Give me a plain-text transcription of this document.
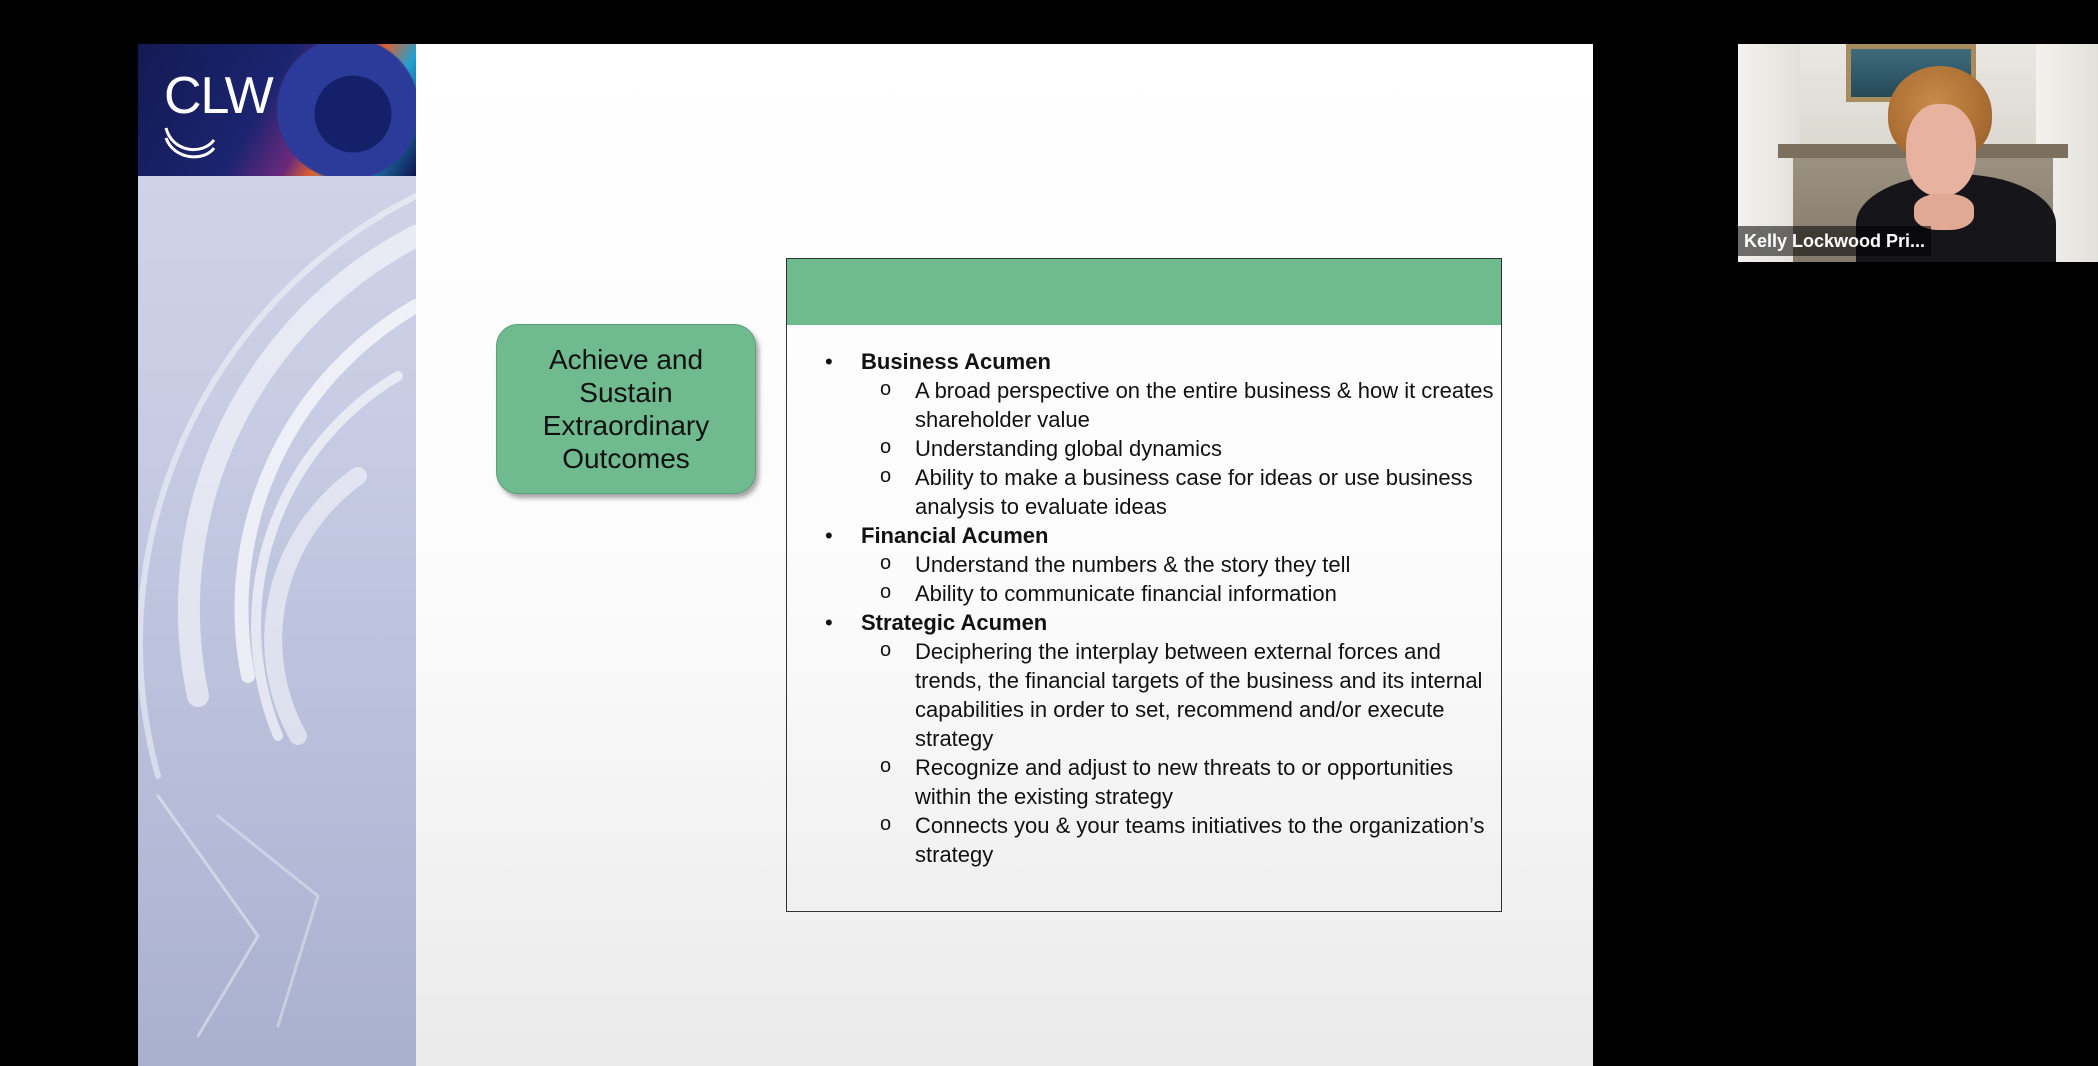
CLW
Achieve and Sustain Extraordinary Outcomes
• Business Acumen
o A broad perspective on the entire business & how it creates shareholder value
o Understanding global dynamics
o Ability to make a business case for ideas or use business analysis to evaluate ideas
• Financial Acumen
o Understand the numbers & the story they tell
o Ability to communicate financial information
• Strategic Acumen
o Deciphering the interplay between external forces and trends, the financial targets of the business and its internal capabilities in order to set, recommend and/or execute strategy
o Recognize and adjust to new threats to or opportunities within the existing strategy
o Connects you & your teams initiatives to the organization’s strategy
Kelly Lockwood Pri...
